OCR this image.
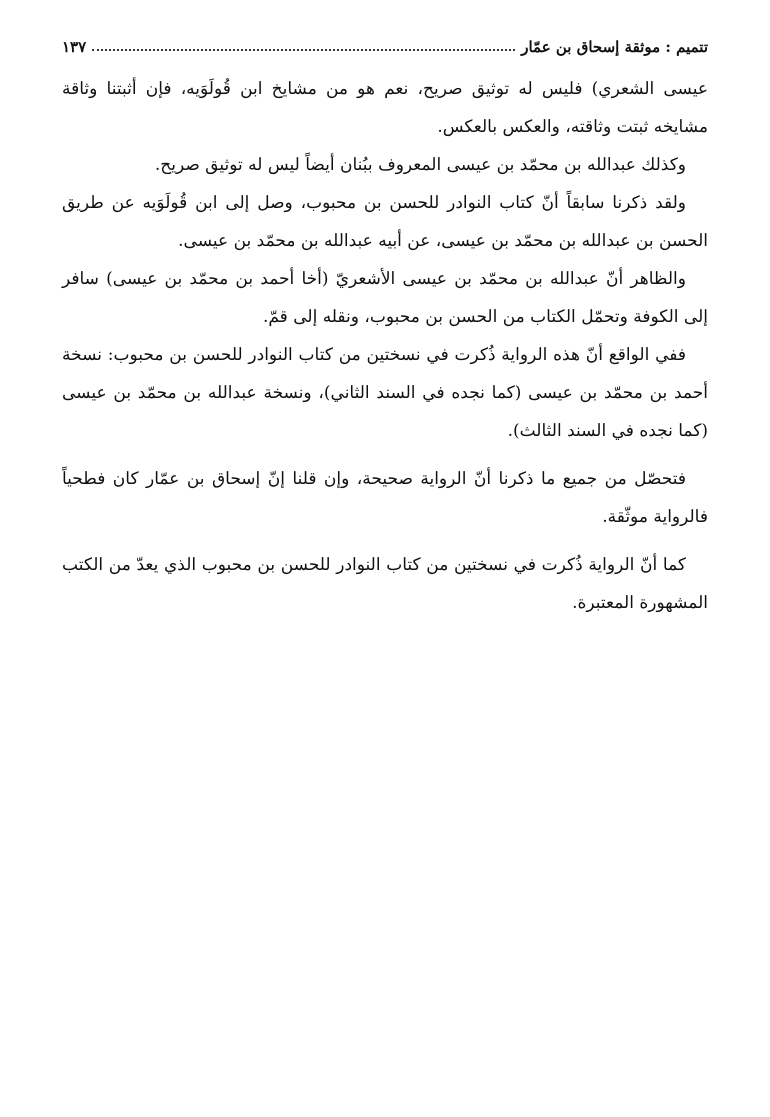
تتميم : موثقة إسحاق بن عمّار
١٣٧

عيسى الشعري) فليس له توثيق صريح، نعم هو من مشايخ ابن قُولَوَيه، فإن أثبتنا وثاقة مشايخه ثبتت وثاقته، والعكس بالعكس.

وكذلك عبدالله بن محمّد بن عيسى المعروف ببُنان أيضاً ليس له توثيق صريح.

ولقد ذكرنا سابقاً أنّ كتاب النوادر للحسن بن محبوب، وصل إلى ابن قُولَوَيه عن طريق الحسن بن عبدالله بن محمّد بن عيسى، عن أبيه عبدالله بن محمّد بن عيسى.

والظاهر أنّ عبدالله بن محمّد بن عيسى الأشعريّ (أخا أحمد بن محمّد بن عيسى) سافر إلى الكوفة وتحمّل الكتاب من الحسن بن محبوب، ونقله إلى قمّ.

ففي الواقع أنّ هذه الرواية ذُكرت في نسختين من كتاب النوادر للحسن بن محبوب: نسخة أحمد بن محمّد بن عيسى (كما نجده في السند الثاني)، ونسخة عبدالله بن محمّد بن عيسى (كما نجده في السند الثالث).

فتحصّل من جميع ما ذكرنا أنّ الرواية صحيحة، وإن قلنا إنّ إسحاق بن عمّار كان فطحياً فالرواية موثّقة.

كما أنّ الرواية ذُكرت في نسختين من كتاب النوادر للحسن بن محبوب الذي يعدّ من الكتب المشهورة المعتبرة.
